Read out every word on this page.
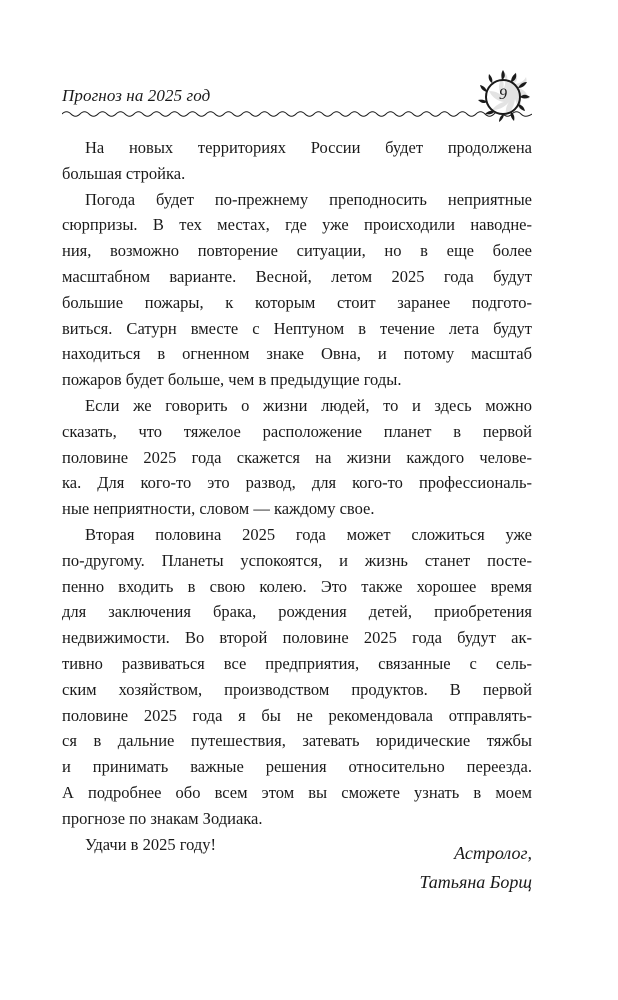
Прогноз на 2025 год	9
На новых территориях России будет продолжена
большая стройка.
Погода будет по-прежнему преподносить неприятные
сюрпризы. В тех местах, где уже происходили наводне-
ния, возможно повторение ситуации, но в еще более
масштабном варианте. Весной, летом 2025 года будут
большие пожары, к которым стоит заранее подгото-
виться. Сатурн вместе с Нептуном в течение лета будут
находиться в огненном знаке Овна, и потому масштаб
пожаров будет больше, чем в предыдущие годы.
Если же говорить о жизни людей, то и здесь можно
сказать, что тяжелое расположение планет в первой
половине 2025 года скажется на жизни каждого челове-
ка. Для кого-то это развод, для кого-то профессиональ-
ные неприятности, словом — каждому свое.
Вторая половина 2025 года может сложиться уже
по-другому. Планеты успокоятся, и жизнь станет посте-
пенно входить в свою колею. Это также хорошее время
для заключения брака, рождения детей, приобретения
недвижимости. Во второй половине 2025 года будут ак-
тивно развиваться все предприятия, связанные с сель-
ским хозяйством, производством продуктов. В первой
половине 2025 года я бы не рекомендовала отправлять-
ся в дальние путешествия, затевать юридические тяжбы
и принимать важные решения относительно переезда.
А подробнее обо всем этом вы сможете узнать в моем
прогнозе по знакам Зодиака.
Удачи в 2025 году!	Астролог,
Татьяна Борщ
